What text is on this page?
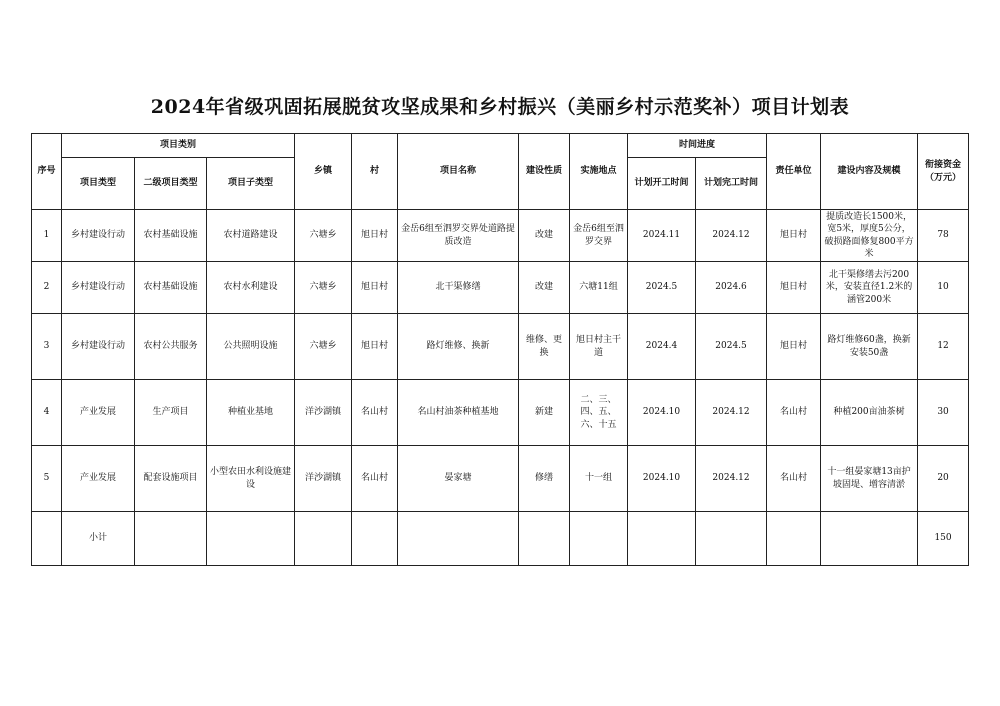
2024年省级巩固拓展脱贫攻坚成果和乡村振兴（美丽乡村示范奖补）项目计划表
序号	项目类别			乡镇	村	项目名称	建设性质	实施地点	时间进度		责任单位	建设内容及规模	衔接资金（万元）
	项目类型	二级项目类型	项目子类型						计划开工时间	计划完工时间			
1	乡村建设行动	农村基础设施	农村道路建设	六塘乡	旭日村	金岳6组至泗罗交界处道路提质改造	改建	金岳6组至泗罗交界	2024.11	2024.12	旭日村	提质改造长1500米，宽5米，厚度5公分，破损路面修复800平方米	78
2	乡村建设行动	农村基础设施	农村水利建设	六塘乡	旭日村	北干渠修缮	改建	六塘11组	2024.5	2024.6	旭日村	北干渠修缮去污200米，安装直径1.2米的涵管200米	10
3	乡村建设行动	农村公共服务	公共照明设施	六塘乡	旭日村	路灯维修、换新	维修、更换	旭日村主干道	2024.4	2024.5	旭日村	路灯维修60盏，换新安装50盏	12
4	产业发展	生产项目	种植业基地	洋沙湖镇	名山村	名山村油茶种植基地	新建	二、三、四、五、六、十五	2024.10	2024.12	名山村	种植200亩油茶树	30
5	产业发展	配套设施项目	小型农田水利设施建设	洋沙湖镇	名山村	晏家塘	修缮	十一组	2024.10	2024.12	名山村	十一组晏家塘13亩护坡固堤、增容清淤	20
	小计												150
